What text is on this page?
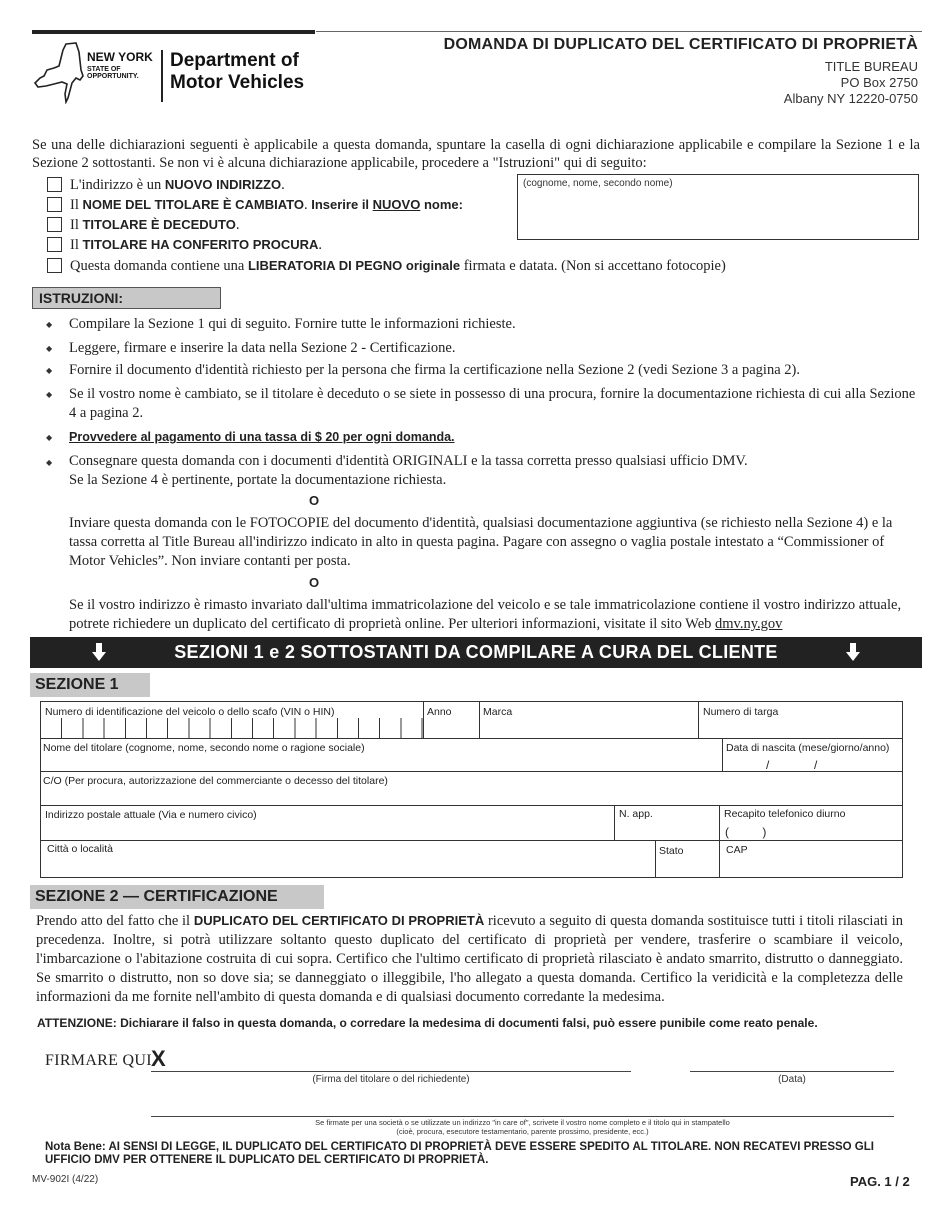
NEW YORK
STATE OF
OPPORTUNITY.
Department of
Motor Vehicles
DOMANDA DI DUPLICATO DEL CERTIFICATO DI PROPRIETÀ
TITLE BUREAU
PO Box 2750
Albany NY 12220-0750
Se una delle dichiarazioni seguenti è applicabile a questa domanda, spuntare la casella di ogni dichiarazione applicabile e compilare la Sezione 1 e la Sezione 2 sottostanti. Se non vi è alcuna dichiarazione applicabile, procedere a "Istruzioni" qui di seguito:
L'indirizzo è un NUOVO INDIRIZZO.
Il NOME DEL TITOLARE È CAMBIATO. Inserire il NUOVO nome:
Il TITOLARE È DECEDUTO.
Il TITOLARE HA CONFERITO PROCURA.
Questa domanda contiene una LIBERATORIA DI PEGNO originale firmata e datata. (Non si accettano fotocopie)
(cognome, nome, secondo nome)
ISTRUZIONI:
◆ Compilare la Sezione 1 qui di seguito. Fornire tutte le informazioni richieste.
◆ Leggere, firmare e inserire la data nella Sezione 2 - Certificazione.
◆ Fornire il documento d'identità richiesto per la persona che firma la certificazione nella Sezione 2 (vedi Sezione 3 a pagina 2).
◆ Se il vostro nome è cambiato, se il titolare è deceduto o se siete in possesso di una procura, fornire la documentazione richiesta di cui alla Sezione 4 a pagina 2.
◆ Provvedere al pagamento di una tassa di $ 20 per ogni domanda.
◆ Consegnare questa domanda con i documenti d'identità ORIGINALI e la tassa corretta presso qualsiasi ufficio DMV.
Se la Sezione 4 è pertinente, portate la documentazione richiesta.
O
Inviare questa domanda con le FOTOCOPIE del documento d'identità, qualsiasi documentazione aggiuntiva (se richiesto nella Sezione 4) e la tassa corretta al Title Bureau all'indirizzo indicato in alto in questa pagina. Pagare con assegno o vaglia postale intestato a “Commissioner of Motor Vehicles”. Non inviare contanti per posta.
O
Se il vostro indirizzo è rimasto invariato dall'ultima immatricolazione del veicolo e se tale immatricolazione contiene il vostro indirizzo attuale, potrete richiedere un duplicato del certificato di proprietà online. Per ulteriori informazioni, visitate il sito Web dmv.ny.gov
SEZIONI 1 e 2 SOTTOSTANTI DA COMPILARE A CURA DEL CLIENTE
SEZIONE 1
Numero di identificazione del veicolo o dello scafo (VIN o HIN)	Anno	Marca	Numero di targa
Nome del titolare (cognome, nome, secondo nome o ragione sociale)	Data di nascita (mese/giorno/anno)
/	/
C/O (Per procura, autorizzazione del commerciante o decesso del titolare)
Indirizzo postale attuale (Via e numero civico)	N. app.	Recapito telefonico diurno
(          )
Città o località	Stato	CAP
SEZIONE 2 — CERTIFICAZIONE
Prendo atto del fatto che il DUPLICATO DEL CERTIFICATO DI PROPRIETÀ ricevuto a seguito di questa domanda sostituisce tutti i titoli rilasciati in precedenza. Inoltre, si potrà utilizzare soltanto questo duplicato del certificato di proprietà per vendere, trasferire o scambiare il veicolo, l'imbarcazione o l'abitazione costruita di cui sopra. Certifico che l'ultimo certificato di proprietà rilasciato è andato smarrito, distrutto o danneggiato. Se smarrito o distrutto, non so dove sia; se danneggiato o illeggibile, l'ho allegato a questa domanda. Certifico la veridicità e la completezza delle informazioni da me fornite nell'ambito di questa domanda e di qualsiasi documento corredante la medesima.
ATTENZIONE: Dichiarare il falso in questa domanda, o corredare la medesima di documenti falsi, può essere punibile come reato penale.
FIRMARE QUI X
(Firma del titolare o del richiedente)	(Data)
Se firmate per una società o se utilizzate un indirizzo "in care of", scrivete il vostro nome completo e il titolo qui in stampatello
(cioè, procura, esecutore testamentario, parente prossimo, presidente, ecc.)
Nota Bene: AI SENSI DI LEGGE, IL DUPLICATO DEL CERTIFICATO DI PROPRIETÀ DEVE ESSERE SPEDITO AL TITOLARE. NON RECATEVI PRESSO GLI UFFICIO DMV PER OTTENERE IL DUPLICATO DEL CERTIFICATO DI PROPRIETÀ.
MV-902I (4/22)	PAG. 1 / 2
